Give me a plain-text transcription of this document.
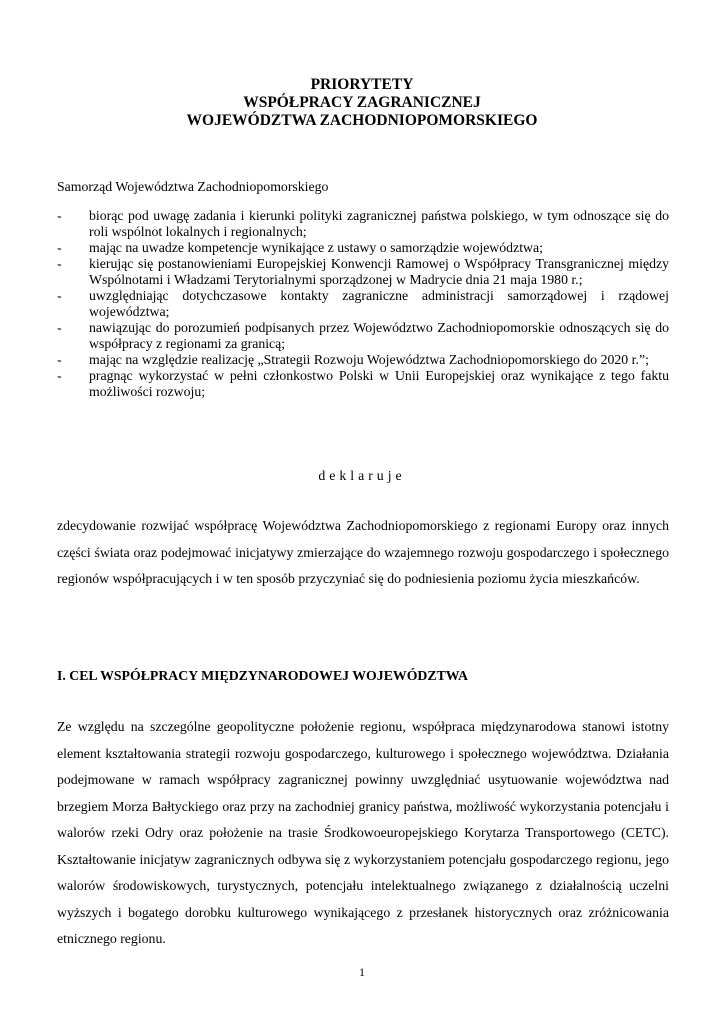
PRIORYTETY
WSPÓŁPRACY ZAGRANICZNEJ
WOJEWÓDZTWA ZACHODNIOPOMORSKIEGO
Samorząd Województwa Zachodniopomorskiego
- biorąc pod uwagę zadania i kierunki polityki zagranicznej państwa polskiego, w tym odnoszące się do roli wspólnot lokalnych i regionalnych;
- mając na uwadze kompetencje wynikające z ustawy o samorządzie województwa;
- kierując się postanowieniami Europejskiej Konwencji Ramowej o Współpracy Transgranicznej między Wspólnotami i Władzami Terytorialnymi sporządzonej w Madrycie dnia 21 maja 1980 r.;
- uwzględniając dotychczasowe kontakty zagraniczne administracji samorządowej i rządowej województwa;
- nawiązując do porozumień podpisanych przez Województwo Zachodniopomorskie odnoszących się do współpracy z regionami za granicą;
- mając na względzie realizację „Strategii Rozwoju Województwa Zachodniopomorskiego do 2020 r.”;
- pragnąc wykorzystać w pełni członkostwo Polski w Unii Europejskiej oraz wynikające z tego faktu możliwości rozwoju;
deklaruje
zdecydowanie rozwijać współpracę Województwa Zachodniopomorskiego z regionami Europy oraz innych części świata oraz podejmować inicjatywy zmierzające do wzajemnego rozwoju gospodarczego i społecznego regionów współpracujących i w ten sposób przyczyniać się do podniesienia poziomu życia mieszkańców.
I. CEL WSPÓŁPRACY MIĘDZYNARODOWEJ WOJEWÓDZTWA
Ze względu na szczególne geopolityczne położenie regionu, współpraca międzynarodowa stanowi istotny element kształtowania strategii rozwoju gospodarczego, kulturowego i społecznego województwa. Działania podejmowane w ramach współpracy zagranicznej powinny uwzględniać usytuowanie województwa nad brzegiem Morza Bałtyckiego oraz przy na zachodniej granicy państwa, możliwość wykorzystania potencjału i walorów rzeki Odry oraz położenie na trasie Środkowoeuropejskiego Korytarza Transportowego (CETC). Kształtowanie inicjatyw zagranicznych odbywa się z wykorzystaniem potencjału gospodarczego regionu, jego walorów środowiskowych, turystycznych, potencjału intelektualnego związanego z działalnością uczelni wyższych i bogatego dorobku kulturowego wynikającego z przesłanek historycznych oraz zróżnicowania etnicznego regionu.
1
